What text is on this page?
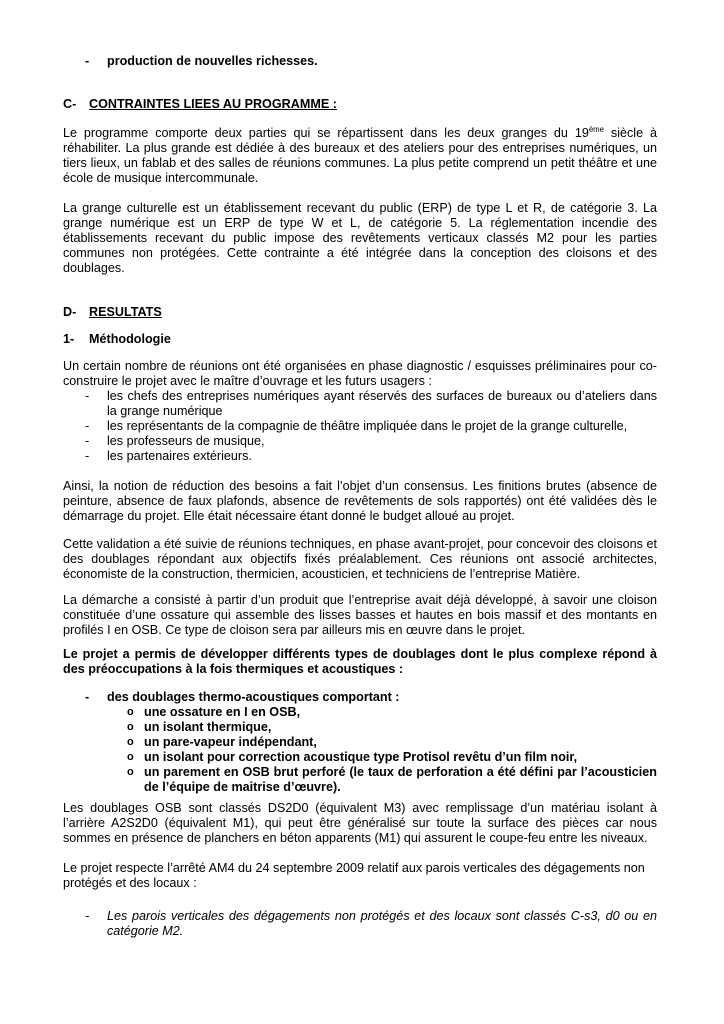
- production de nouvelles richesses.
C- CONTRAINTES LIEES AU PROGRAMME :

Le programme comporte deux parties qui se répartissent dans les deux granges du 19ème siècle à réhabiliter. La plus grande est dédiée à des bureaux et des ateliers pour des entreprises numériques, un tiers lieux, un fablab et des salles de réunions communes. La plus petite comprend un petit théâtre et une école de musique intercommunale.

La grange culturelle est un établissement recevant du public (ERP) de type L et R, de catégorie 3. La grange numérique est un ERP de type W et L, de catégorie 5. La réglementation incendie des établissements recevant du public impose des revêtements verticaux classés M2 pour les parties communes non protégées. Cette contrainte a été intégrée dans la conception des cloisons et des doublages.

D- RESULTATS
1- Méthodologie

Un certain nombre de réunions ont été organisées en phase diagnostic / esquisses préliminaires pour co-construire le projet avec le maître d’ouvrage et les futurs usagers :

- les chefs des entreprises numériques ayant réservés des surfaces de bureaux ou d’ateliers dans la grange numérique
- les représentants de la compagnie de théâtre impliquée dans le projet de la grange culturelle,
- les professeurs de musique,
- les partenaires extérieurs.

Ainsi, la notion de réduction des besoins a fait l’objet d’un consensus. Les finitions brutes (absence de peinture, absence de faux plafonds, absence de revêtements de sols rapportés) ont été validées dès le démarrage du projet. Elle était nécessaire étant donné le budget alloué au projet.

Cette validation a été suivie de réunions techniques, en phase avant-projet, pour concevoir des cloisons et des doublages répondant aux objectifs fixés préalablement. Ces réunions ont associé architectes, économiste de la construction, thermicien, acousticien, et techniciens de l’entreprise Matière.

La démarche a consisté à partir d’un produit que l’entreprise avait déjà développé, à savoir une cloison constituée d’une ossature qui assemble des lisses basses et hautes en bois massif et des montants en profilés I en OSB. Ce type de cloison sera par ailleurs mis en œuvre dans le projet.

Le projet a permis de développer différents types de doublages dont le plus complexe répond à des préoccupations à la fois thermiques et acoustiques :

- des doublages thermo-acoustiques comportant :
o une ossature en I en OSB,
o un isolant thermique,
o un pare-vapeur indépendant,
o un isolant pour correction acoustique type Protisol revêtu d’un film noir,
o un parement en OSB brut perforé (le taux de perforation a été défini par l’acousticien de l’équipe de maitrise d’œuvre).

Les doublages OSB sont classés DS2D0 (équivalent M3) avec remplissage d’un matériau isolant à l’arrière A2S2D0 (équivalent M1), qui peut être généralisé sur toute la surface des pièces car nous sommes en présence de planchers en béton apparents (M1) qui assurent le coupe-feu entre les niveaux.

Le projet respecte l’arrêté AM4 du 24 septembre 2009 relatif aux parois verticales des dégagements non protégés et des locaux :

- Les parois verticales des dégagements non protégés et des locaux sont classés C-s3, d0 ou en catégorie M2.
